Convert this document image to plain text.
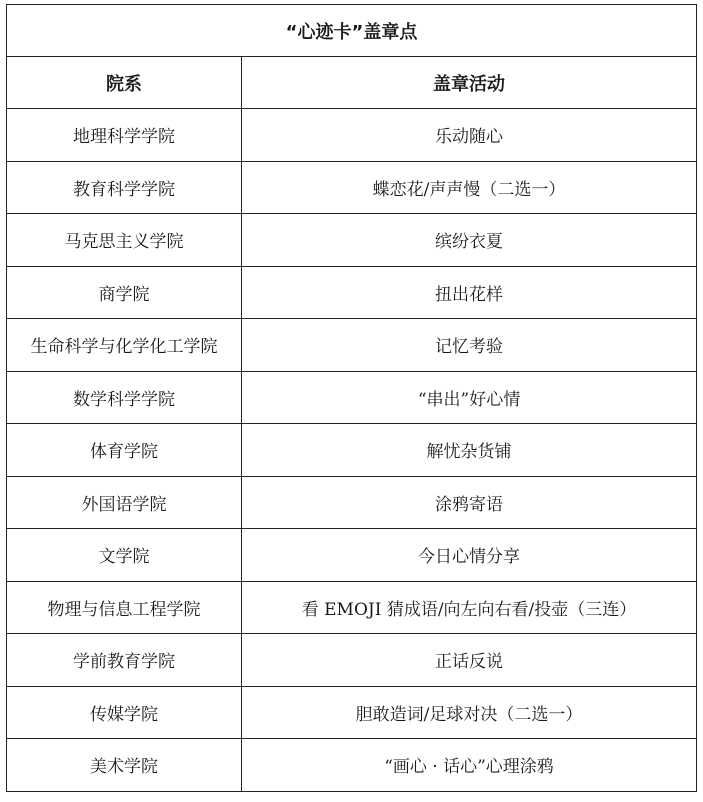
“心迹卡”盖章点	
院系	盖章活动
地理科学学院	乐动随心
教育科学学院	蝶恋花/声声慢（二选一）
马克思主义学院	缤纷衣夏
商学院	扭出花样
生命科学与化学化工学院	记忆考验
数学科学学院	“串出”好心情
体育学院	解忧杂货铺
外国语学院	涂鸦寄语
文学院	今日心情分享
物理与信息工程学院	看 EMOJI 猜成语/向左向右看/投壶（三连）
学前教育学院	正话反说
传媒学院	胆敢造词/足球对决（二选一）
美术学院	“画心 · 话心”心理涂鸦
